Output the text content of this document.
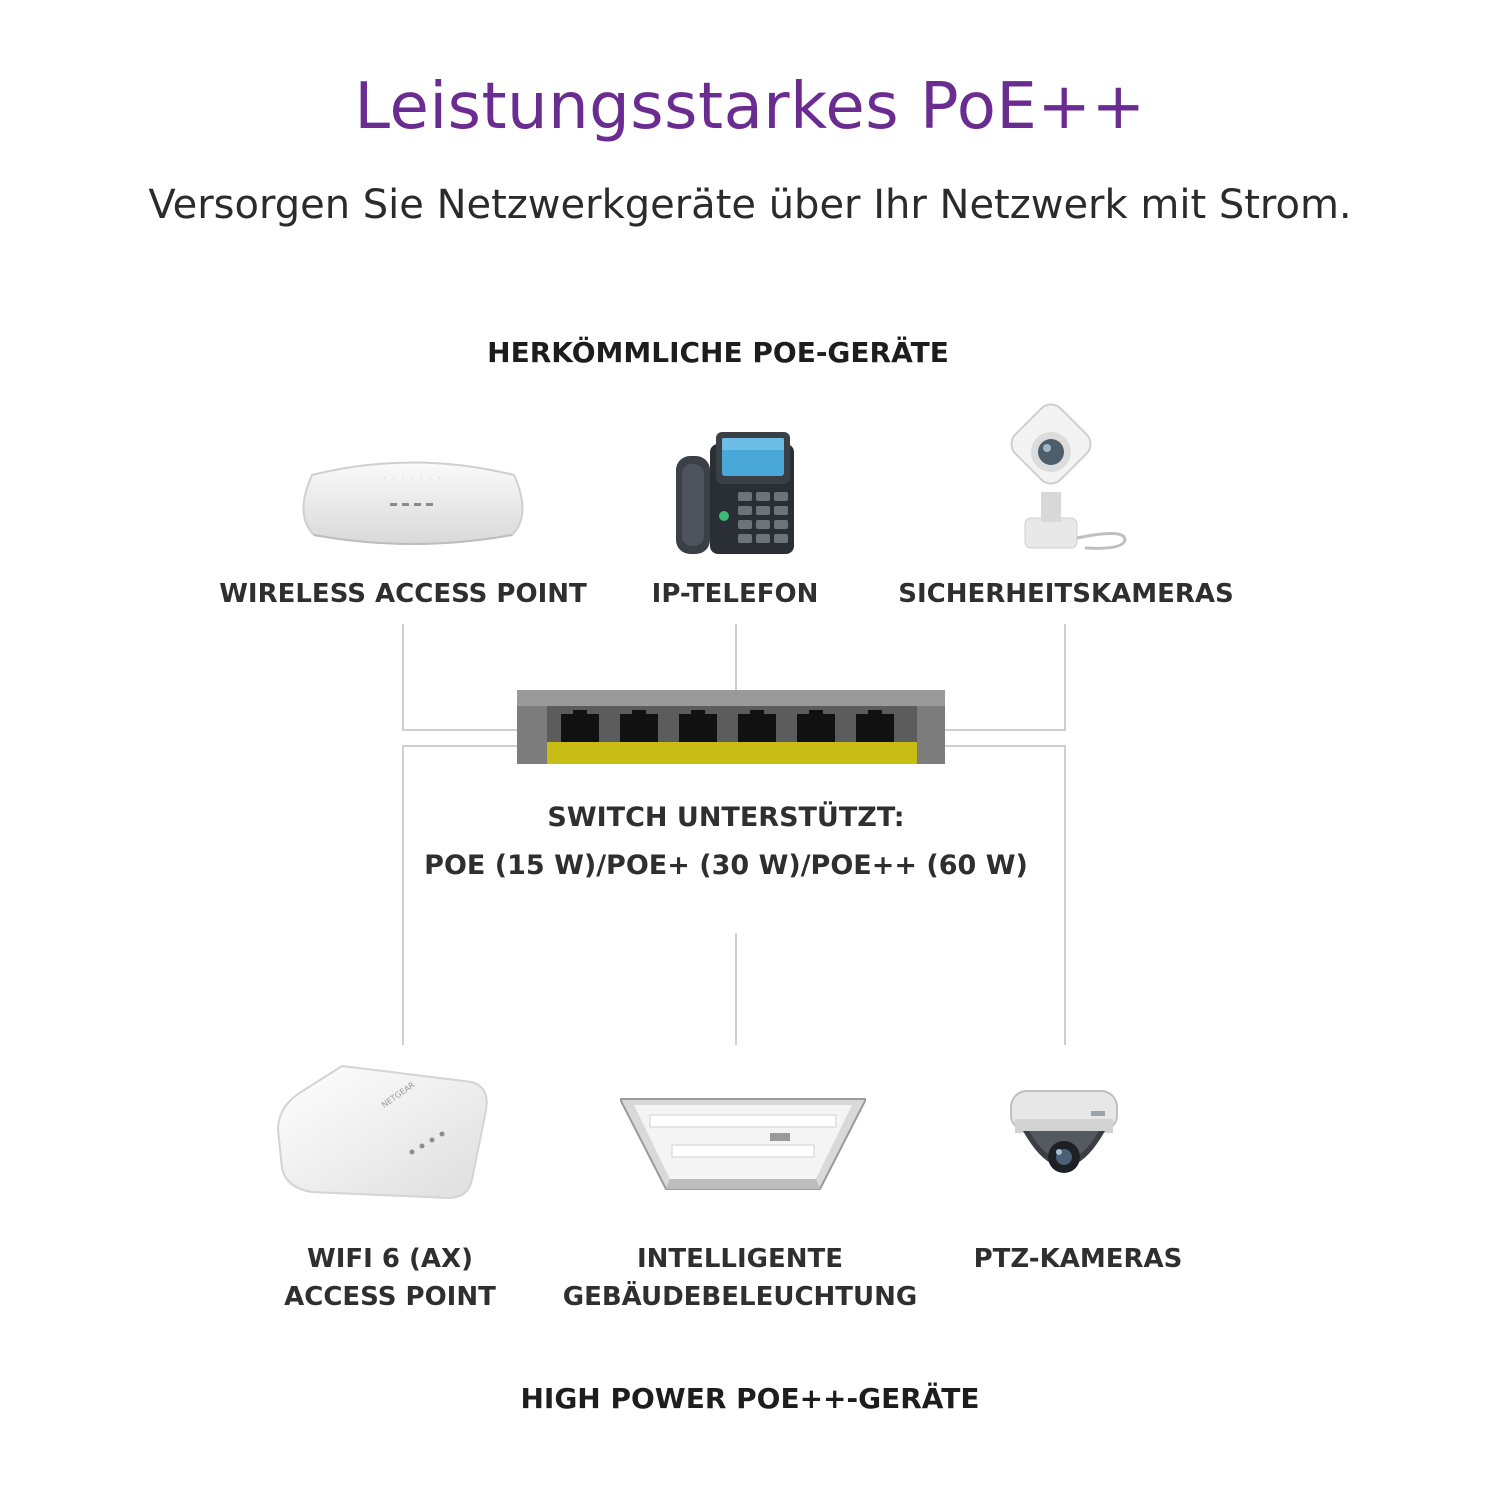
Leistungsstarkes PoE++
Versorgen Sie Netzwerkgeräte über Ihr Netzwerk mit Strom.
HERKÖMMLICHE POE-GERÄTE
· · · · · · ·
WIRELESS ACCESS POINT	IP-TELEFON	SICHERHEITSKAMERAS
SWITCH UNTERSTÜTZT:
POE (15 W)/POE+ (30 W)/POE++ (60 W)
NETGEAR
WIFI 6 (AX)
ACCESS POINT
INTELLIGENTE
GEBÄUDEBELEUCHTUNG
PTZ-KAMERAS
HIGH POWER POE++-GERÄTE
